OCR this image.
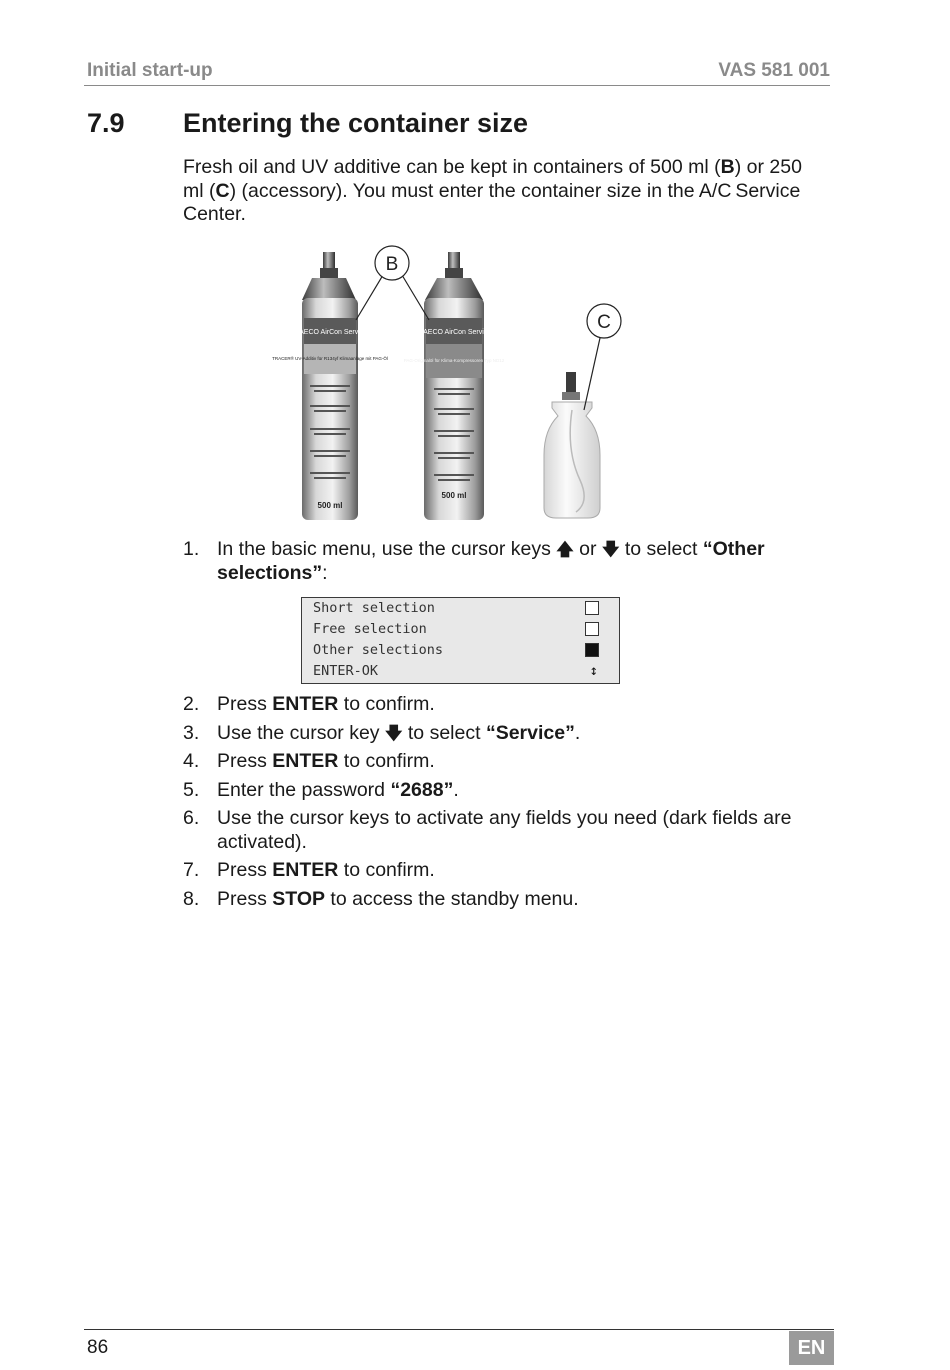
Initial start-up	VAS 581 001
7.9 Entering the container size
Fresh oil and UV additive can be kept in containers of 500 ml (B) or 250 ml (C) (accessory). You must enter the container size in the A/C Service Center.
WAECO AirCon Service
TRACER® UV-Additiv für R134yf Klimaanlage mit PAG-Öl
500 ml
WAECO AirCon Service
PAG-Originalöl für Klima-Kompressoren Typ ND12
500 ml
B
C
1. In the basic menu, use the cursor keys 🡅 or 🡇 to select “Other selections”:
Short selection
Free selection
Other selections
ENTER-OK	↕
2. Press ENTER to confirm.
3. Use the cursor key 🡇 to select “Service”.
4. Press ENTER to confirm.
5. Enter the password “2688”.
6. Use the cursor keys to activate any fields you need (dark fields are activated).
7. Press ENTER to confirm.
8. Press STOP to access the standby menu.
86	EN
